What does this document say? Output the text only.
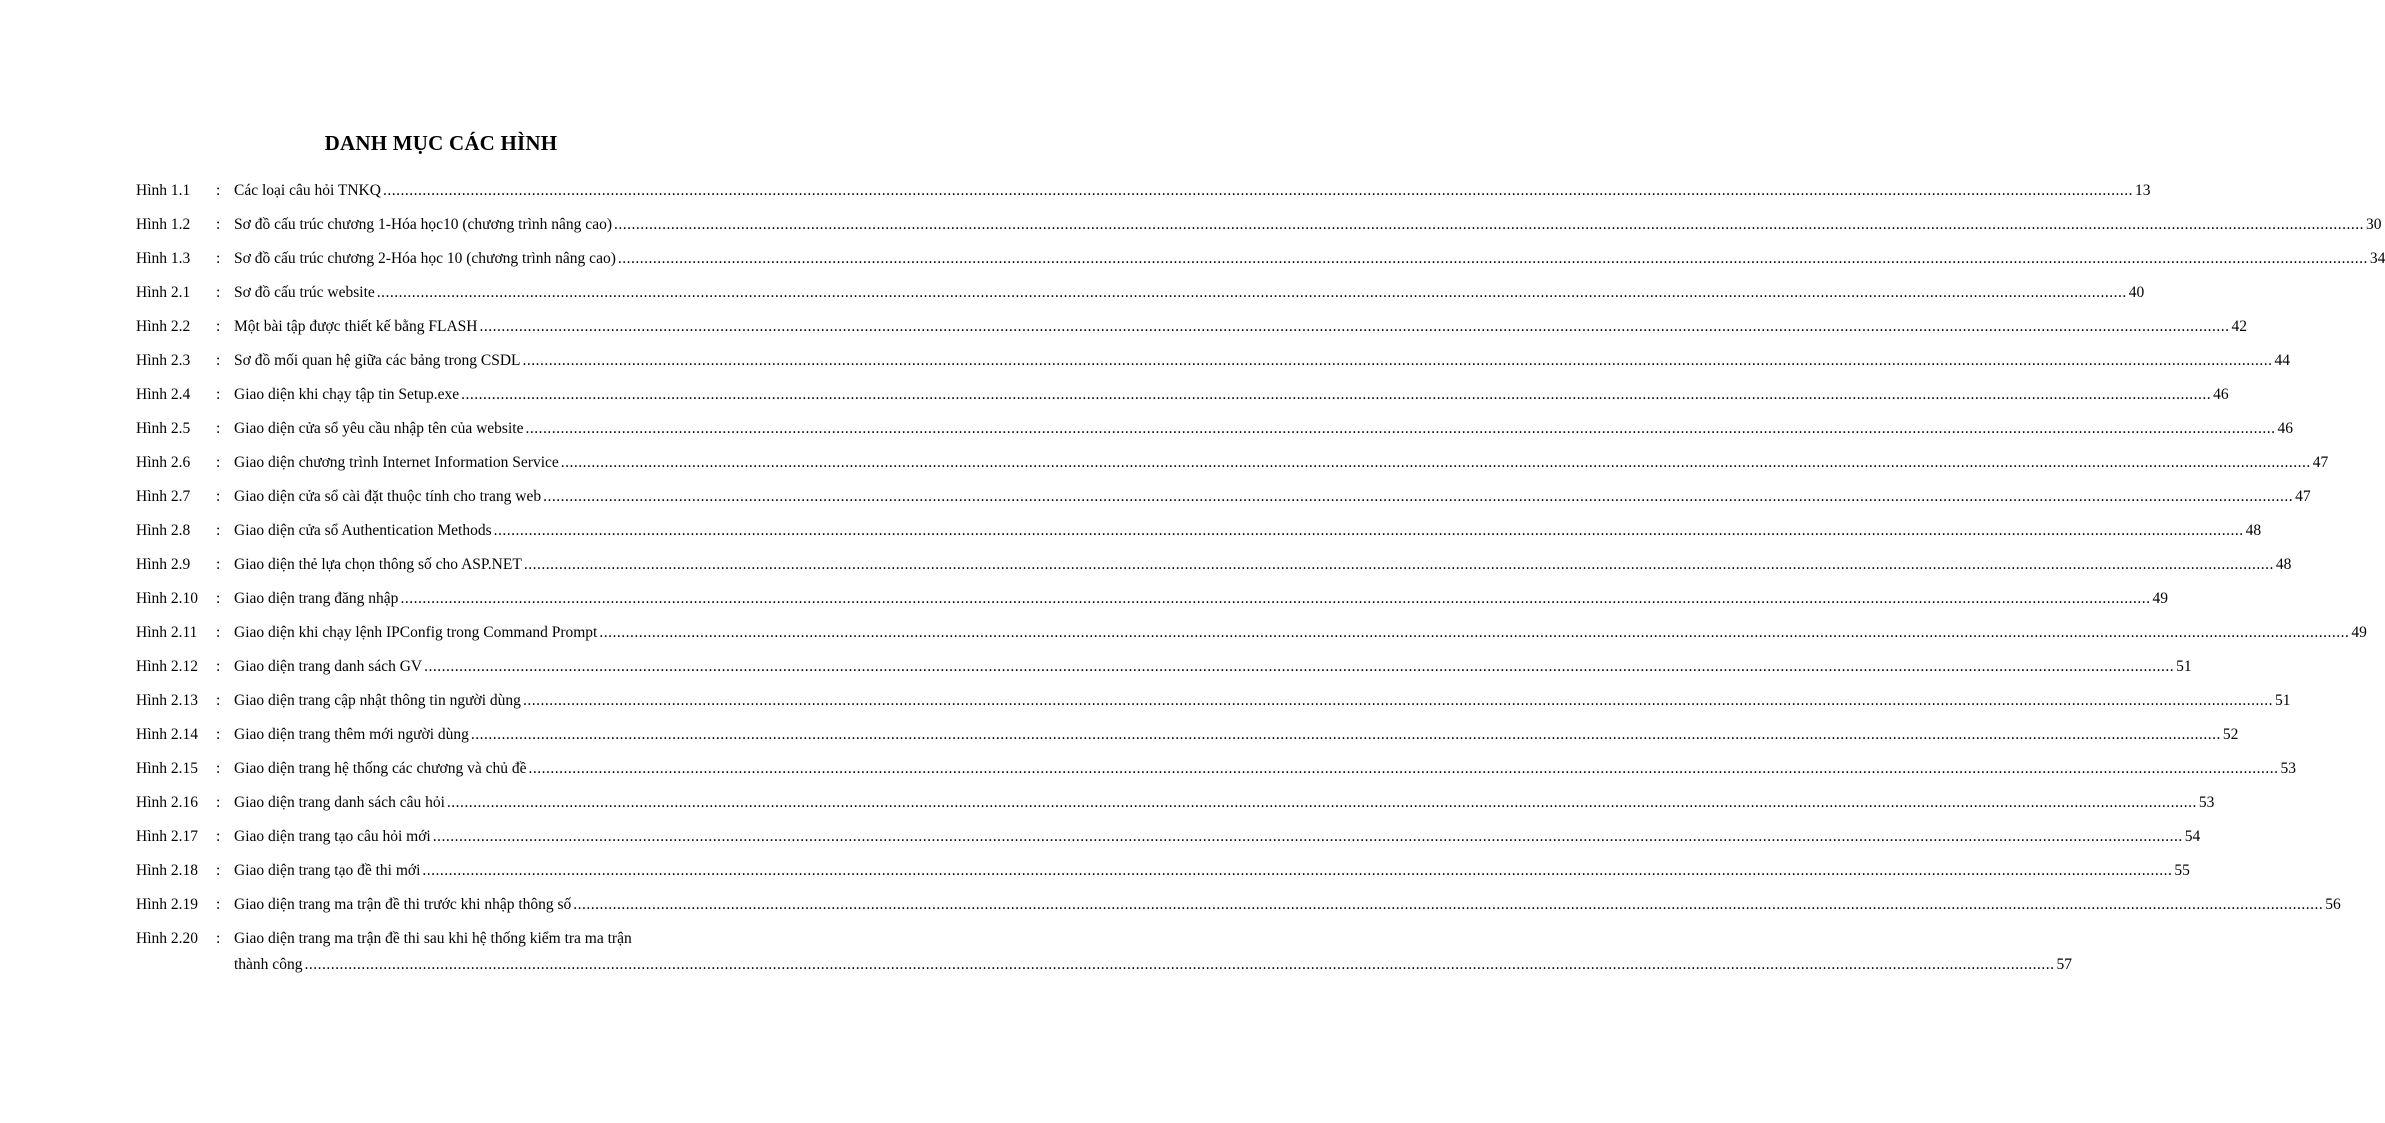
DANH MỤC CÁC HÌNH
Hình 1.1 : Các loại câu hỏi TNKQ ................................................................................................................................................................................................................................................................................................................................................................................................................ 13
Hình 1.2 : Sơ đồ cấu trúc chương 1-Hóa học10 (chương trình nâng cao) ................................................................................................................................................................................................................................................................................................................................................................................................................ 30
Hình 1.3 : Sơ đồ cấu trúc chương 2-Hóa học 10 (chương trình nâng cao) ................................................................................................................................................................................................................................................................................................................................................................................................................ 34
Hình 2.1 : Sơ đồ cấu trúc website ................................................................................................................................................................................................................................................................................................................................................................................................................ 40
Hình 2.2 : Một bài tập được thiết kế bằng FLASH ................................................................................................................................................................................................................................................................................................................................................................................................................ 42
Hình 2.3 : Sơ đồ mối quan hệ giữa các bảng trong CSDL ................................................................................................................................................................................................................................................................................................................................................................................................................ 44
Hình 2.4 : Giao diện khi chạy tập tin Setup.exe ................................................................................................................................................................................................................................................................................................................................................................................................................ 46
Hình 2.5 : Giao diện cửa sổ yêu cầu nhập tên của website ................................................................................................................................................................................................................................................................................................................................................................................................................ 46
Hình 2.6 : Giao diện chương trình Internet Information Service ................................................................................................................................................................................................................................................................................................................................................................................................................ 47
Hình 2.7 : Giao diện cửa sổ cài đặt thuộc tính cho trang web ................................................................................................................................................................................................................................................................................................................................................................................................................ 47
Hình 2.8 : Giao diện cửa sổ Authentication Methods ................................................................................................................................................................................................................................................................................................................................................................................................................ 48
Hình 2.9 : Giao diện thẻ lựa chọn thông số cho ASP.NET ................................................................................................................................................................................................................................................................................................................................................................................................................ 48
Hình 2.10 : Giao diện trang đăng nhập ................................................................................................................................................................................................................................................................................................................................................................................................................ 49
Hình 2.11 : Giao diện khi chạy lệnh IPConfig trong Command Prompt ................................................................................................................................................................................................................................................................................................................................................................................................................ 49
Hình 2.12 : Giao diện trang danh sách GV ................................................................................................................................................................................................................................................................................................................................................................................................................ 51
Hình 2.13 : Giao diện trang cập nhật thông tin người dùng ................................................................................................................................................................................................................................................................................................................................................................................................................ 51
Hình 2.14 : Giao diện trang thêm mới người dùng ................................................................................................................................................................................................................................................................................................................................................................................................................ 52
Hình 2.15 : Giao diện trang hệ thống các chương và chủ đề ................................................................................................................................................................................................................................................................................................................................................................................................................ 53
Hình 2.16 : Giao diện trang danh sách câu hỏi ................................................................................................................................................................................................................................................................................................................................................................................................................ 53
Hình 2.17 : Giao diện trang tạo câu hỏi mới ................................................................................................................................................................................................................................................................................................................................................................................................................ 54
Hình 2.18 : Giao diện trang tạo đề thi mới ................................................................................................................................................................................................................................................................................................................................................................................................................ 55
Hình 2.19 : Giao diện trang ma trận đề thi trước khi nhập thông số ................................................................................................................................................................................................................................................................................................................................................................................................................ 56
Hình 2.20 : Giao diện trang ma trận đề thi sau khi hệ thống kiểm tra ma trận
thành công ................................................................................................................................................................................................................................................................................................................................................................................................................ 57
